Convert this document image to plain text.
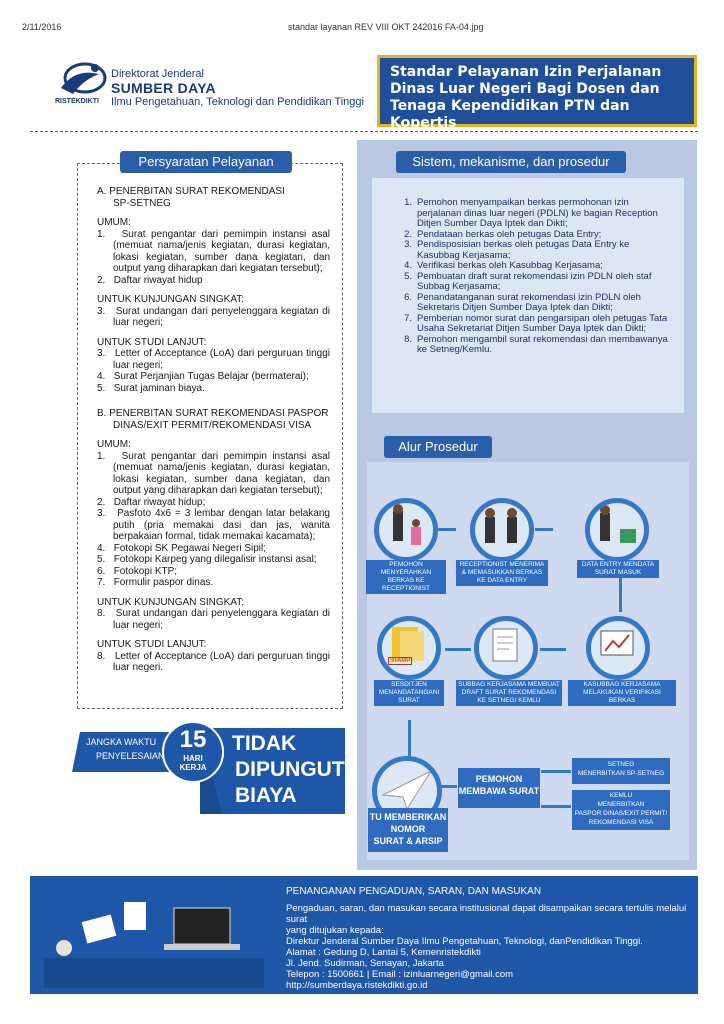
2/11/2016	standar layanan REV VIII OKT 242016 FA-04.jpg
RISTEKDIKTI
Direktorat Jenderal
SUMBER DAYA
Ilmu Pengetahuan, Teknologi dan Pendidikan Tinggi
Standar Pelayanan Izin Perjalanan
Dinas Luar Negeri Bagi Dosen dan
Tenaga Kependidikan PTN dan Kopertis
Persyaratan Pelayanan

A. PENERBITAN SURAT REKOMENDASI

SP-SETNEG

UMUM:

1. Surat pengantar dari pemimpin instansi asal (memuat nama/jenis kegiatan, durasi kegiatan, lokasi kegiatan, sumber dana kegiatan, dan output yang diharapkan dari kegiatan tersebut);

2. Daftar riwayat hidup

UNTUK KUNJUNGAN SINGKAT:

3. Surat undangan dari penyelenggara kegiatan di luar negeri;

UNTUK STUDI LANJUT:

3. Letter of Acceptance (LoA) dari perguruan tinggi luar negeri;

4. Surat Perjanjian Tugas Belajar (bermaterai);

5. Surat jaminan biaya.

B. PENERBITAN SURAT REKOMENDASI PASPOR

DINAS/EXIT PERMIT/REKOMENDASI VISA

UMUM:

1. Surat pengantar dari pemimpin instansi asal (memuat nama/jenis kegiatan, durasi kegiatan, lokasi kegiatan, sumber dana kegiatan, dan output yang diharapkan dari kegiatan tersebut);

2. Daftar riwayat hidup;

3. Pasfoto 4x6 = 3 lembar dengan latar belakang putih (pria memakai dasi dan jas, wanita berpakaian formal, tidak memakai kacamata);

4. Fotokopi SK Pegawai Negeri Sipil;

5. Fotokopi Karpeg yang dilegalisir instansi asal;

6. Fotokopi KTP;

7. Formulir paspor dinas.

UNTUK KUNJUNGAN SINGKAT:

8. Surat undangan dari penyelenggara kegiatan di luar negeri;

UNTUK STUDI LANJUT:

8. Letter of Acceptance (LoA) dari perguruan tinggi luar negeri.

JANGKA WAKTU
PENYELESAIAN
15
HARI
KERJA
TIDAK
DIPUNGUT
BIAYA
Sistem, mekanisme, dan prosedur
1. Pemohon menyampaikan berkas permohonan izin perjalanan dinas luar negeri (PDLN) ke bagian Reception Ditjen Sumber Daya Iptek dan Dikti;
2. Pendataan berkas oleh petugas Data Entry;
3. Pendisposisian berkas oleh petugas Data Entry ke Kasubbag Kerjasama;
4. Verifikasi berkas oleh Kasubbag Kerjasama;
5. Pembuatan draft surat rekomendasi izin PDLN oleh staf Subbag Kerjasama;
6. Penandatanganan surat rekomendasi izin PDLN oleh Sekretaris Ditjen Sumber Daya Iptek dan Dikti;
7. Pemberian nomor surat dan pengarsipan oleh petugas Tata Usaha Sekretariat Ditjen Sumber Daya Iptek dan Dikti;
8. Pemohon mengambil surat rekomendasi dan membawanya ke Setneg/Kemlu.
Alur Prosedur
PEMOHON MENYERAHKAN BERKAS KE RECEPTIONIST
RECEPTIONIST MENERIMA & MEMASUKKAN BERKAS KE DATA ENTRY
DATA ENTRY MENDATA SURAT MASUK
KASUBBAG KERJASAMA MELAKUKAN VERIFIKASI BERKAS
SUBBAG KERJASAMA MEMBUAT DRAFT SURAT REKOMENDASI KE SETNEG/ KEMLU
STAMP
SESDITJEN MENANDATANGANI SURAT
TU MEMBERIKAN
NOMOR
SURAT & ARSIP
PEMOHON
MEMBAWA SURAT
SETNEG
MENERBITKAN SP-SETNEG
KEMLU
MENERBITKAN
PASPOR DINAS/EXIT PERMIT/
REKOMENDASI VISA
PENANGANAN PENGADUAN, SARAN, DAN MASUKAN
Pengaduan, saran, dan masukan secara institusional dapat disampaikan secara tertulis melalui surat
yang ditujukan kepada:
Direktur Jenderal Sumber Daya Ilmu Pengetahuan, Teknologi, danPendidikan Tinggi.
Alamat : Gedung D, Lantai 5, Kemenristekdikti
Jl. Jend. Sudirman, Senayan, Jakarta
Telepon : 1500661 | Email : izinluarnegeri@gmail.com
http://sumberdaya.ristekdikti.go.id
